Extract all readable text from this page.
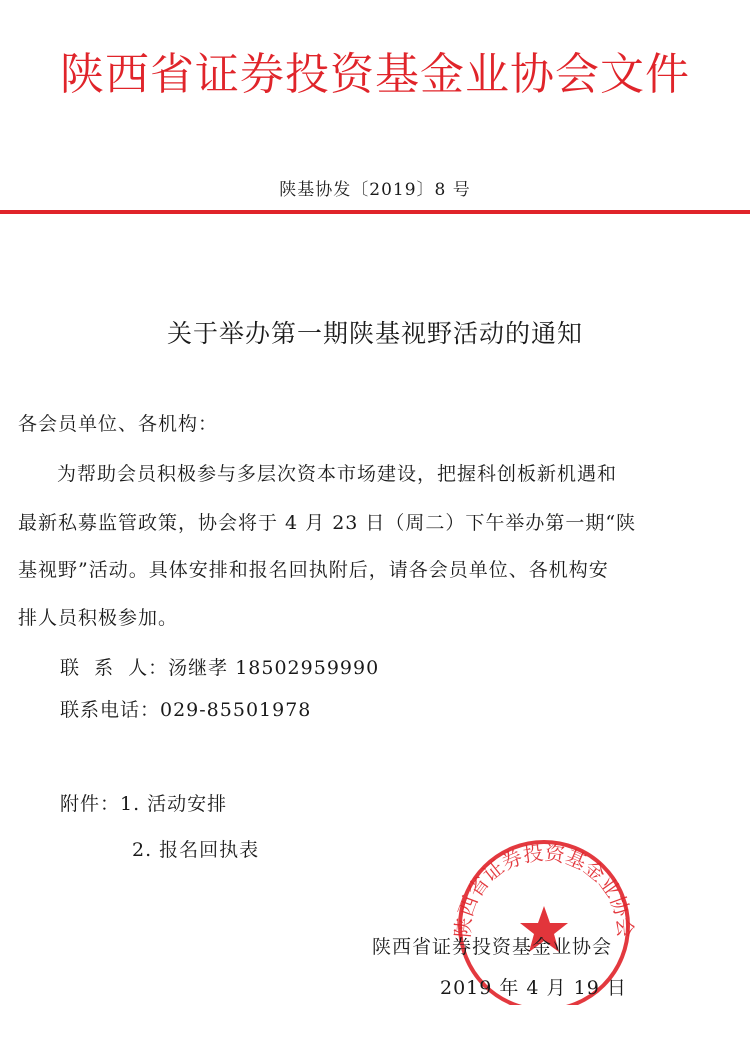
陕西省证券投资基金业协会文件
陕基协发〔2019〕8 号
关于举办第一期陕基视野活动的通知
各会员单位、各机构：
为帮助会员积极参与多层次资本市场建设，把握科创板新机遇和
最新私募监管政策，协会将于 4 月 23 日（周二）下午举办第一期“陕
基视野”活动。具体安排和报名回执附后，请各会员单位、各机构安
排人员积极参加。
联  系  人：汤继孝 18502959990
联系电话：029-85501978
附件：1. 活动安排
2. 报名回执表
陕西省证券投资基金业协会
陕西省证券投资基金业协会
2019 年 4 月 19 日
